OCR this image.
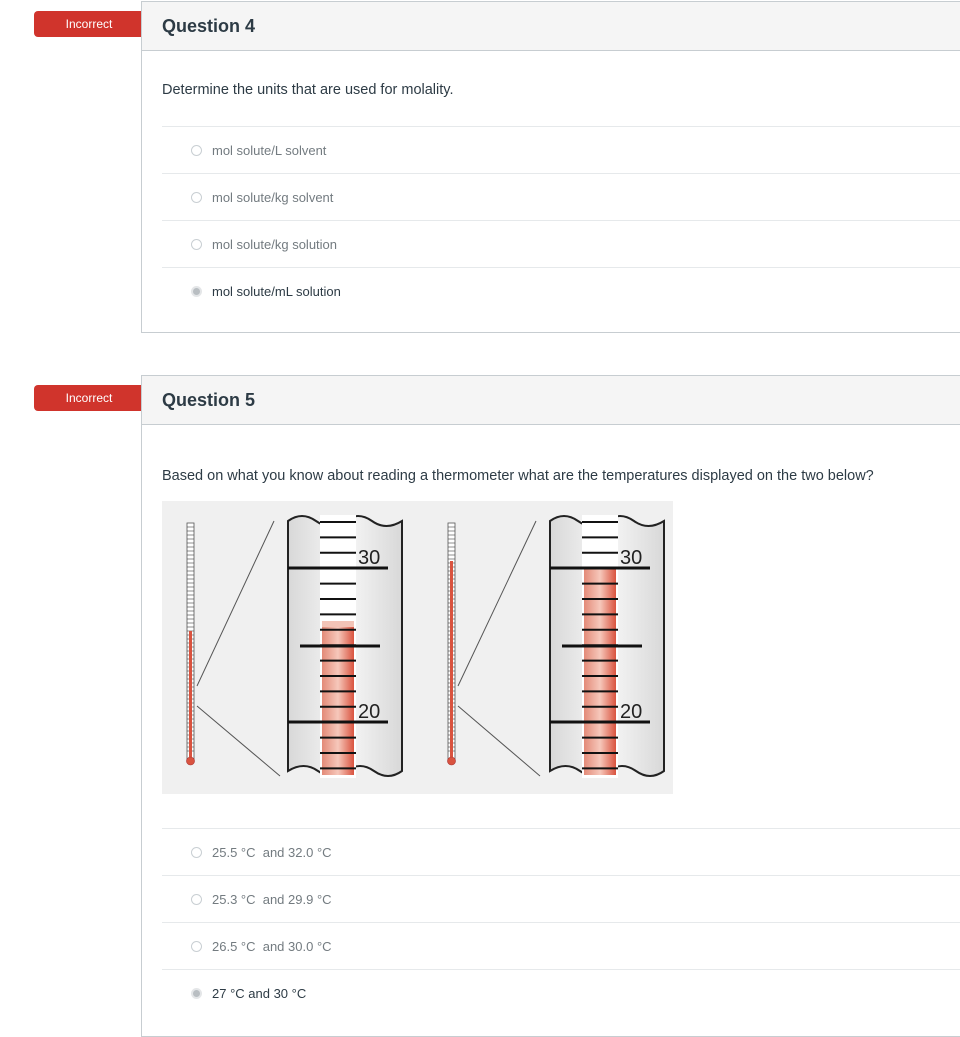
Incorrect	Question 4
Determine the units that are used for molality.
mol solute/L solvent
mol solute/kg solvent
mol solute/kg solution
mol solute/mL solution
Incorrect	Question 5
Based on what you know about reading a thermometer what are the temperatures displayed on the two below?
30
20
30
20
25.5 °C  and 32.0 °C
25.3 °C  and 29.9 °C
26.5 °C  and 30.0 °C
27 °C and 30 °C
